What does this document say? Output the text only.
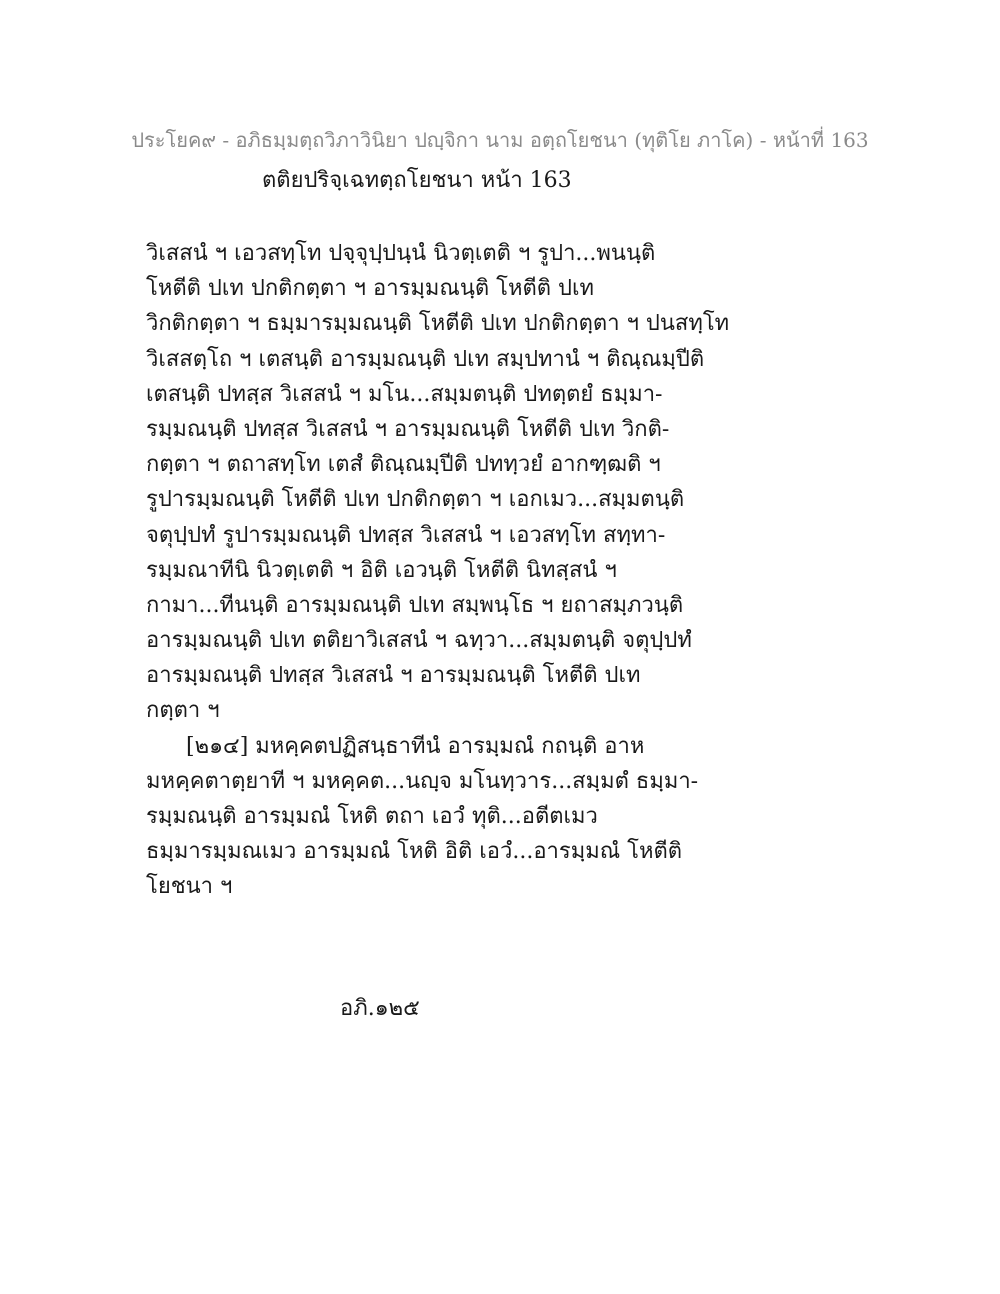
ประโยค๙ - อภิธมฺมตฺถวิภาวินิยา ปญฺจิกา นาม อตฺถโยชนา (ทุติโย ภาโค) - หน้าที่ 163
ตติยปริจฺเฉทตฺถโยชนา หน้า 163
วิเสสนํ ฯ เอวสทฺโท ปจฺจุปฺปนฺนํ นิวตฺเตติ ฯ รูปา...พนนฺติ
โหตีติ ปเท ปกติกตฺตา ฯ อารมฺมณนฺติ โหตีติ ปเท
วิกติกตฺตา ฯ ธมฺมารมฺมณนฺติ โหตีติ ปเท ปกติกตฺตา ฯ ปนสทฺโท
วิเสสตฺโถ ฯ เตสนฺติ อารมฺมณนฺติ ปเท สมฺปทานํ ฯ ติณฺณมฺปีติ
เตสนฺติ ปทสฺส วิเสสนํ ฯ มโน...สมฺมตนฺติ ปทตฺตยํ ธมฺมา-
รมฺมณนฺติ ปทสฺส วิเสสนํ ฯ อารมฺมณนฺติ โหตีติ ปเท วิกติ-
กตฺตา ฯ ตถาสทฺโท เตสํ ติณฺณมฺปีติ ปททฺวยํ อากฑฺฒติ ฯ
รูปารมฺมณนฺติ โหตีติ ปเท ปกติกตฺตา ฯ เอกเมว...สมฺมตนฺติ
จตุปฺปทํ รูปารมฺมณนฺติ ปทสฺส วิเสสนํ ฯ เอวสทฺโท สทฺทา-
รมฺมณาทีนิ นิวตฺเตติ ฯ อิติ เอวนฺติ โหตีติ นิทสฺสนํ ฯ
กามา...ทีนนฺติ อารมฺมณนฺติ ปเท สมฺพนฺโธ ฯ ยถาสมฺภวนฺติ
อารมฺมณนฺติ ปเท ตติยาวิเสสนํ ฯ ฉทฺวา...สมฺมตนฺติ จตุปฺปทํ
อารมฺมณนฺติ ปทสฺส วิเสสนํ ฯ อารมฺมณนฺติ โหตีติ ปเท
กตฺตา ฯ
[๒๑๔] มหคฺคตปฏิสนฺธาทีนํ อารมฺมณํ กถนฺติ อาห
มหคฺคตาตฺยาที ฯ มหคฺคต...นญฺจ มโนทฺวาร...สมฺมตํ ธมฺมา-
รมฺมณนฺติ อารมฺมณํ โหติ ตถา เอวํ ทุติ...อตีตเมว
ธมฺมารมฺมณเมว อารมฺมณํ โหติ อิติ เอวํ...อารมฺมณํ โหตีติ
โยชนา ฯ
อภิ.๑๒๕
